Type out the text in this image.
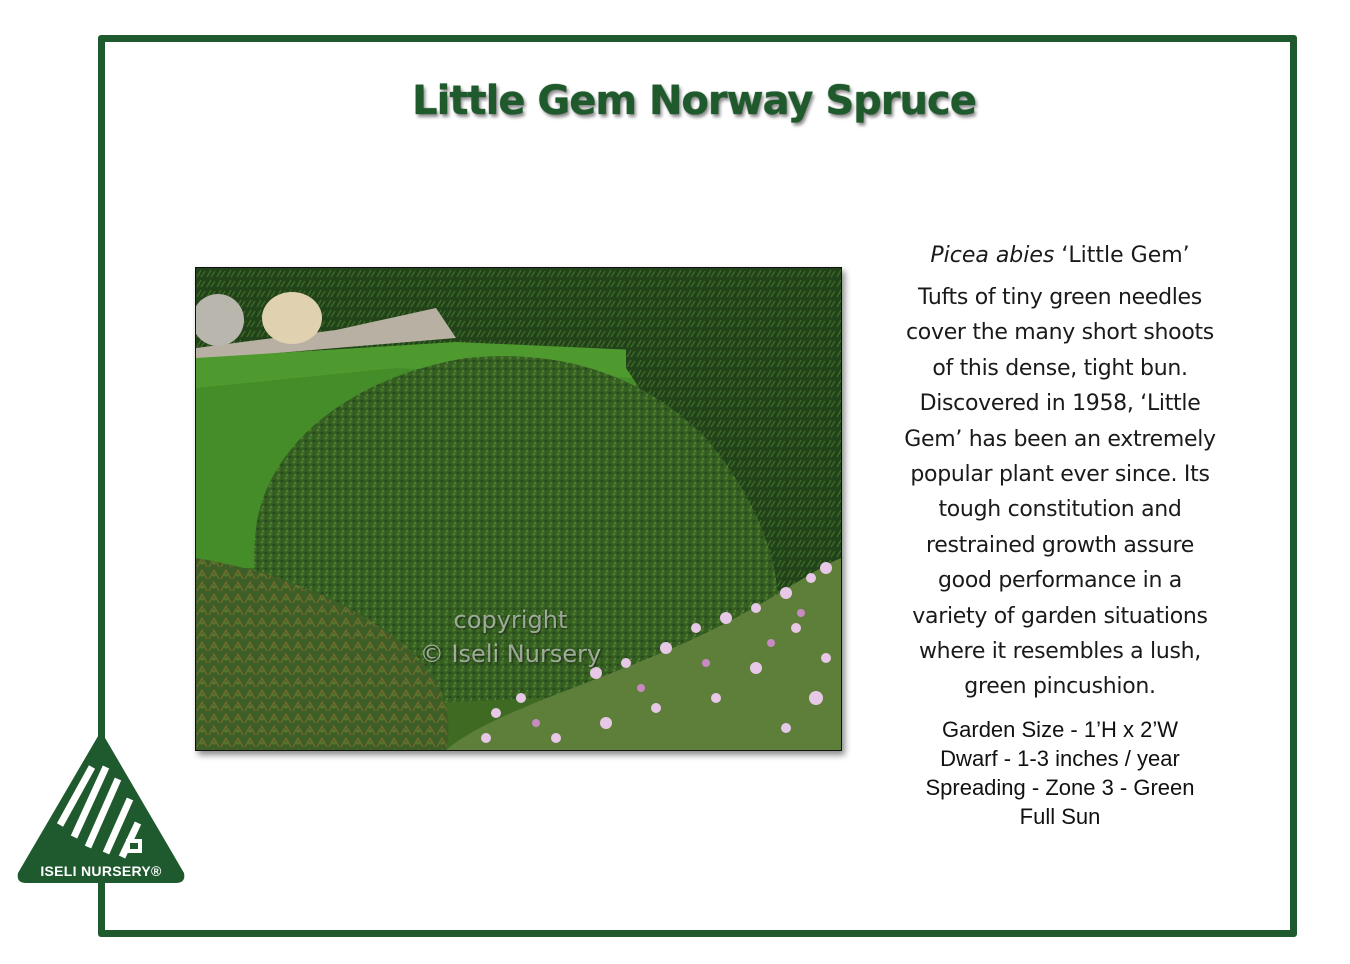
Little Gem Norway Spruce
copyright
© Iseli Nursery
Picea abies ‘Little Gem’
Tufts of tiny green needles
cover the many short shoots
of this dense, tight bun.
Discovered in 1958, ‘Little
Gem’ has been an extremely
popular plant ever since. Its
tough constitution and
restrained growth assure
good performance in a
variety of garden situations
where it resembles a lush,
green pincushion.
Garden Size - 1’H x 2’W
Dwarf - 1-3 inches / year
Spreading - Zone 3 - Green
Full Sun
ISELI NURSERY®
